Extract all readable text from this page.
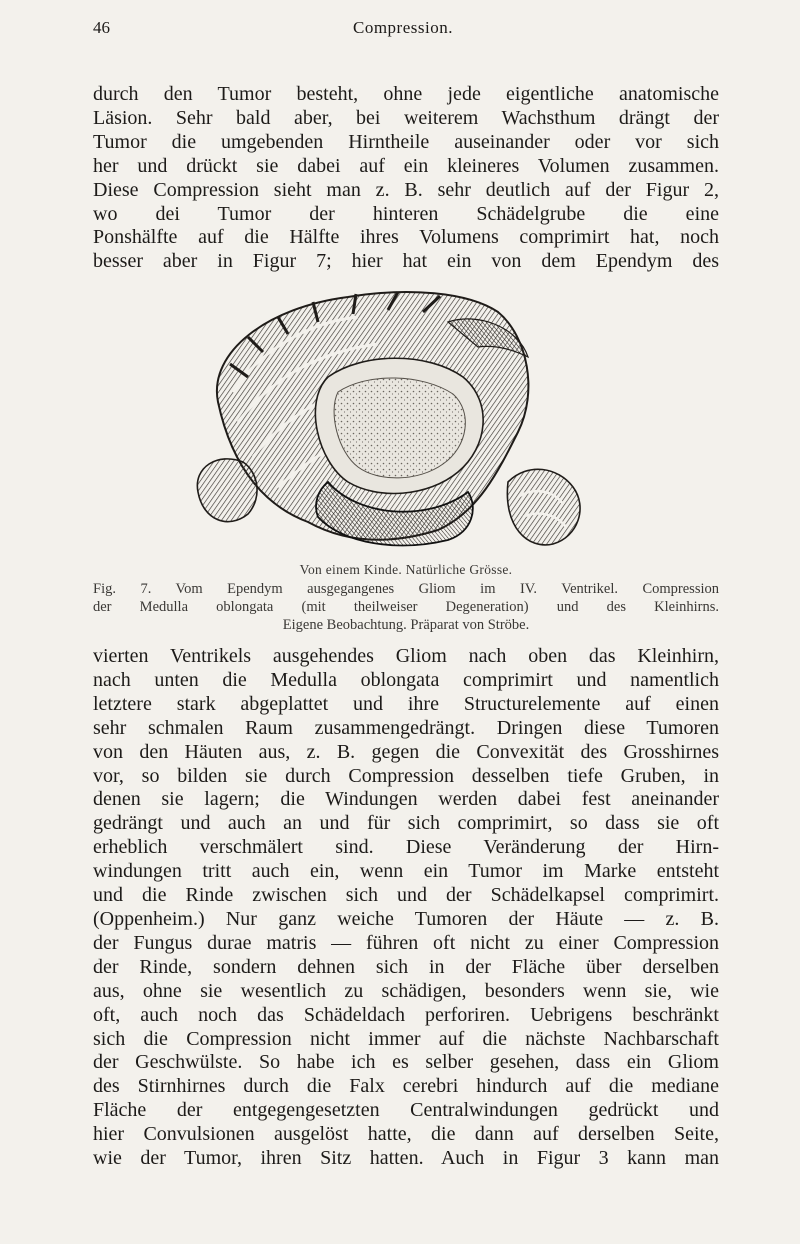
46	Compression.
durch den Tumor besteht, ohne jede eigentliche anatomische
Läsion. Sehr bald aber, bei weiterem Wachsthum drängt der
Tumor die umgebenden Hirntheile auseinander oder vor sich
her und drückt sie dabei auf ein kleineres Volumen zusammen.
Diese Compression sieht man z. B. sehr deutlich auf der Figur 2,
wo dei Tumor der hinteren Schädelgrube die eine
Ponshälfte auf die Hälfte ihres Volumens comprimirt hat, noch
besser aber in Figur 7; hier hat ein von dem Ependym des
Von einem Kinde. Natürliche Grösse.
Fig. 7. Vom Ependym ausgegangenes Gliom im IV. Ventrikel. Compression
der Medulla oblongata (mit theilweiser Degeneration) und des Kleinhirns.
Eigene Beobachtung. Präparat von Ströbe.
vierten Ventrikels ausgehendes Gliom nach oben das Kleinhirn,
nach unten die Medulla oblongata comprimirt und namentlich
letztere stark abgeplattet und ihre Structurelemente auf einen
sehr schmalen Raum zusammengedrängt. Dringen diese Tumoren
von den Häuten aus, z. B. gegen die Convexität des Grosshirnes
vor, so bilden sie durch Compression desselben tiefe Gruben, in
denen sie lagern; die Windungen werden dabei fest aneinander
gedrängt und auch an und für sich comprimirt, so dass sie oft
erheblich verschmälert sind. Diese Veränderung der Hirn-
windungen tritt auch ein, wenn ein Tumor im Marke entsteht
und die Rinde zwischen sich und der Schädelkapsel comprimirt.
(Oppenheim.) Nur ganz weiche Tumoren der Häute — z. B.
der Fungus durae matris — führen oft nicht zu einer Compression
der Rinde, sondern dehnen sich in der Fläche über derselben
aus, ohne sie wesentlich zu schädigen, besonders wenn sie, wie
oft, auch noch das Schädeldach perforiren. Uebrigens beschränkt
sich die Compression nicht immer auf die nächste Nachbarschaft
der Geschwülste. So habe ich es selber gesehen, dass ein Gliom
des Stirnhirnes durch die Falx cerebri hindurch auf die mediane
Fläche der entgegengesetzten Centralwindungen gedrückt und
hier Convulsionen ausgelöst hatte, die dann auf derselben Seite,
wie der Tumor, ihren Sitz hatten. Auch in Figur 3 kann man
